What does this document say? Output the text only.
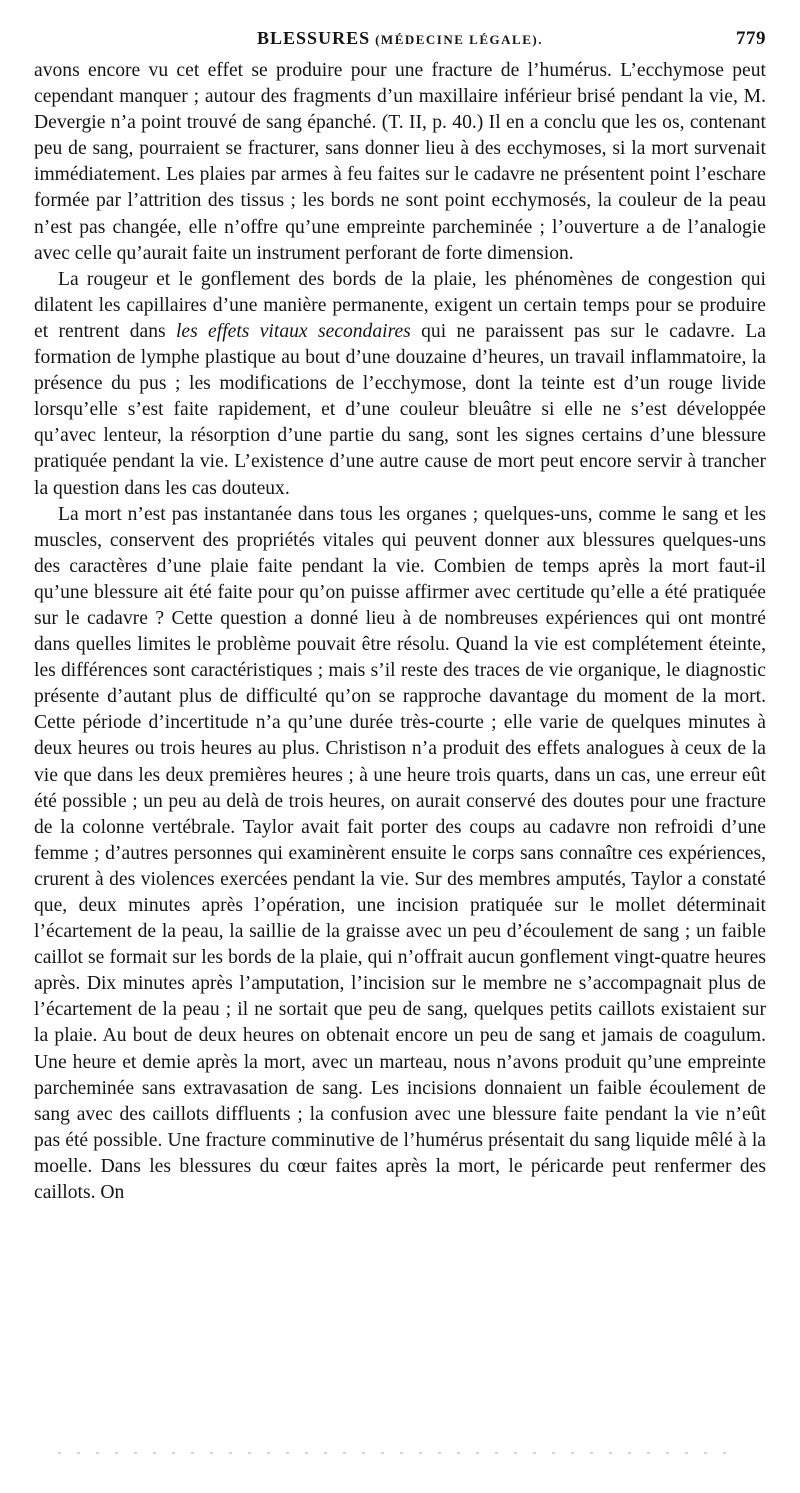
BLESSURES (MÉDECINE LÉGALE).	779

avons encore vu cet effet se produire pour une fracture de l’humérus. L’ecchymose peut cependant manquer ; autour des fragments d’un maxillaire inférieur brisé pendant la vie, M. Devergie n’a point trouvé de sang épanché. (T. II, p. 40.) Il en a conclu que les os, contenant peu de sang, pourraient se fracturer, sans donner lieu à des ecchymoses, si la mort survenait immédiatement. Les plaies par armes à feu faites sur le cadavre ne présentent point l’eschare formée par l’attrition des tissus ; les bords ne sont point ecchymosés, la couleur de la peau n’est pas changée, elle n’offre qu’une empreinte parcheminée ; l’ouverture a de l’analogie avec celle qu’aurait faite un instrument perforant de forte dimension.

La rougeur et le gonflement des bords de la plaie, les phénomènes de congestion qui dilatent les capillaires d’une manière permanente, exigent un certain temps pour se produire et rentrent dans les effets vitaux secondaires qui ne paraissent pas sur le cadavre. La formation de lymphe plastique au bout d’une douzaine d’heures, un travail inflammatoire, la présence du pus ; les modifications de l’ecchymose, dont la teinte est d’un rouge livide lorsqu’elle s’est faite rapidement, et d’une couleur bleuâtre si elle ne s’est développée qu’avec lenteur, la résorption d’une partie du sang, sont les signes certains d’une blessure pratiquée pendant la vie. L’existence d’une autre cause de mort peut encore servir à trancher la question dans les cas douteux.

La mort n’est pas instantanée dans tous les organes ; quelques-uns, comme le sang et les muscles, conservent des propriétés vitales qui peuvent donner aux blessures quelques-uns des caractères d’une plaie faite pendant la vie. Combien de temps après la mort faut-il qu’une blessure ait été faite pour qu’on puisse affirmer avec certitude qu’elle a été pratiquée sur le cadavre ? Cette question a donné lieu à de nombreuses expériences qui ont montré dans quelles limites le problème pouvait être résolu. Quand la vie est complétement éteinte, les différences sont caractéristiques ; mais s’il reste des traces de vie organique, le diagnostic présente d’autant plus de difficulté qu’on se rapproche davantage du moment de la mort. Cette période d’incertitude n’a qu’une durée très-courte ; elle varie de quelques minutes à deux heures ou trois heures au plus. Christison n’a produit des effets analogues à ceux de la vie que dans les deux premières heures ; à une heure trois quarts, dans un cas, une erreur eût été possible ; un peu au delà de trois heures, on aurait conservé des doutes pour une fracture de la colonne vertébrale. Taylor avait fait porter des coups au cadavre non refroidi d’une femme ; d’autres personnes qui examinèrent ensuite le corps sans connaître ces expériences, crurent à des violences exercées pendant la vie. Sur des membres amputés, Taylor a constaté que, deux minutes après l’opération, une incision pratiquée sur le mollet déterminait l’écartement de la peau, la saillie de la graisse avec un peu d’écoulement de sang ; un faible caillot se formait sur les bords de la plaie, qui n’offrait aucun gonflement vingt-quatre heures après. Dix minutes après l’amputation, l’incision sur le membre ne s’accompagnait plus de l’écartement de la peau ; il ne sortait que peu de sang, quelques petits caillots existaient sur la plaie. Au bout de deux heures on obtenait encore un peu de sang et jamais de coagulum. Une heure et demie après la mort, avec un marteau, nous n’avons produit qu’une empreinte parcheminée sans extravasation de sang. Les incisions donnaient un faible écoulement de sang avec des caillots diffluents ; la confusion avec une blessure faite pendant la vie n’eût pas été possible. Une fracture comminutive de l’humérus présentait du sang liquide mêlé à la moelle. Dans les blessures du cœur faites après la mort, le péricarde peut renfermer des caillots. On
